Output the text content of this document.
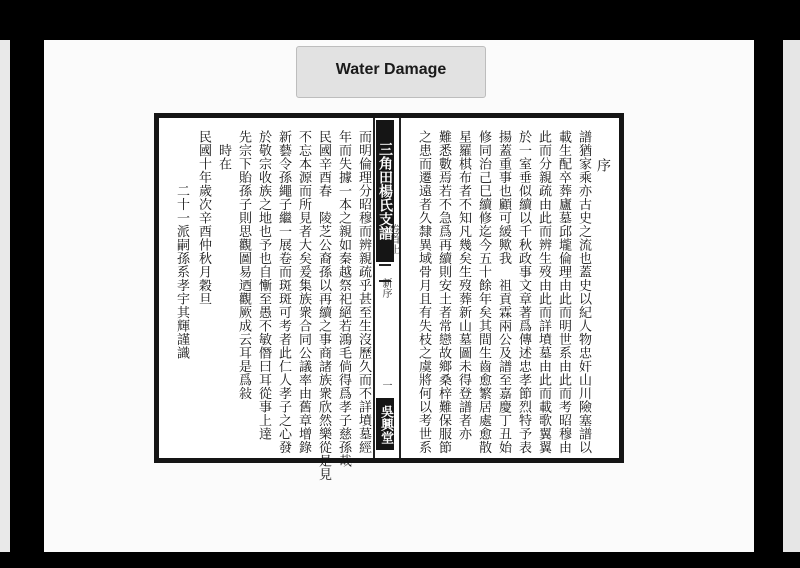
Water Damage
而明倫理分昭穆而辨親疏乎甚至生沒歷久而不詳墳墓經
年而失據一本之親如秦越祭祀絕若鴻毛倘得爲孝子慈孫哉
民國辛酉春　陵芝公裔孫以再續之事商諸族衆欣然樂從是見
不忘本源而所見者大矣爰集族衆合同公議率由舊章增錄
新藝令孫繩子繼一展卷而斑斑可考者此仁人孝子之心發
於敬宗收族之地也予也自慚至愚不敏僭曰耳從事上達
先宗下貽孫子則思觀圖易迺觀厥成云耳是爲敍
　時在
民國十年歲次辛酉仲秋月穀旦
　　　　二十一派嗣孫系孝宇其輝謹識	三角田楊氏支譜
新序
一
吳興堂
序
譜猶家乘亦古史之流也蓋史以紀人物忠奸山川險塞譜以
載生配卒葬廬墓邱壠倫理由此而明世系由此而考昭穆由
此而分親疏由此而辨生歿由此而詳墳墓由此而載歌翼翼
於一室垂似續以千秋政事文章著爲傳述忠孝節烈特予表
揚蓋重事也顧可緩歟我　祖貢霖兩公及譜至嘉慶丁丑始
修同治己巳續修迄今五十餘年矣其間生齒愈繁居處愈散
星羅棋布者不知凡幾矣生歿葬新山墓圖未得登譜者亦
難悉數焉若不急爲再續則安土者常戀故鄉桑梓難保服節
之患而遷遠者久隸異域骨月且有失枝之虞將何以考世系
卷首上
